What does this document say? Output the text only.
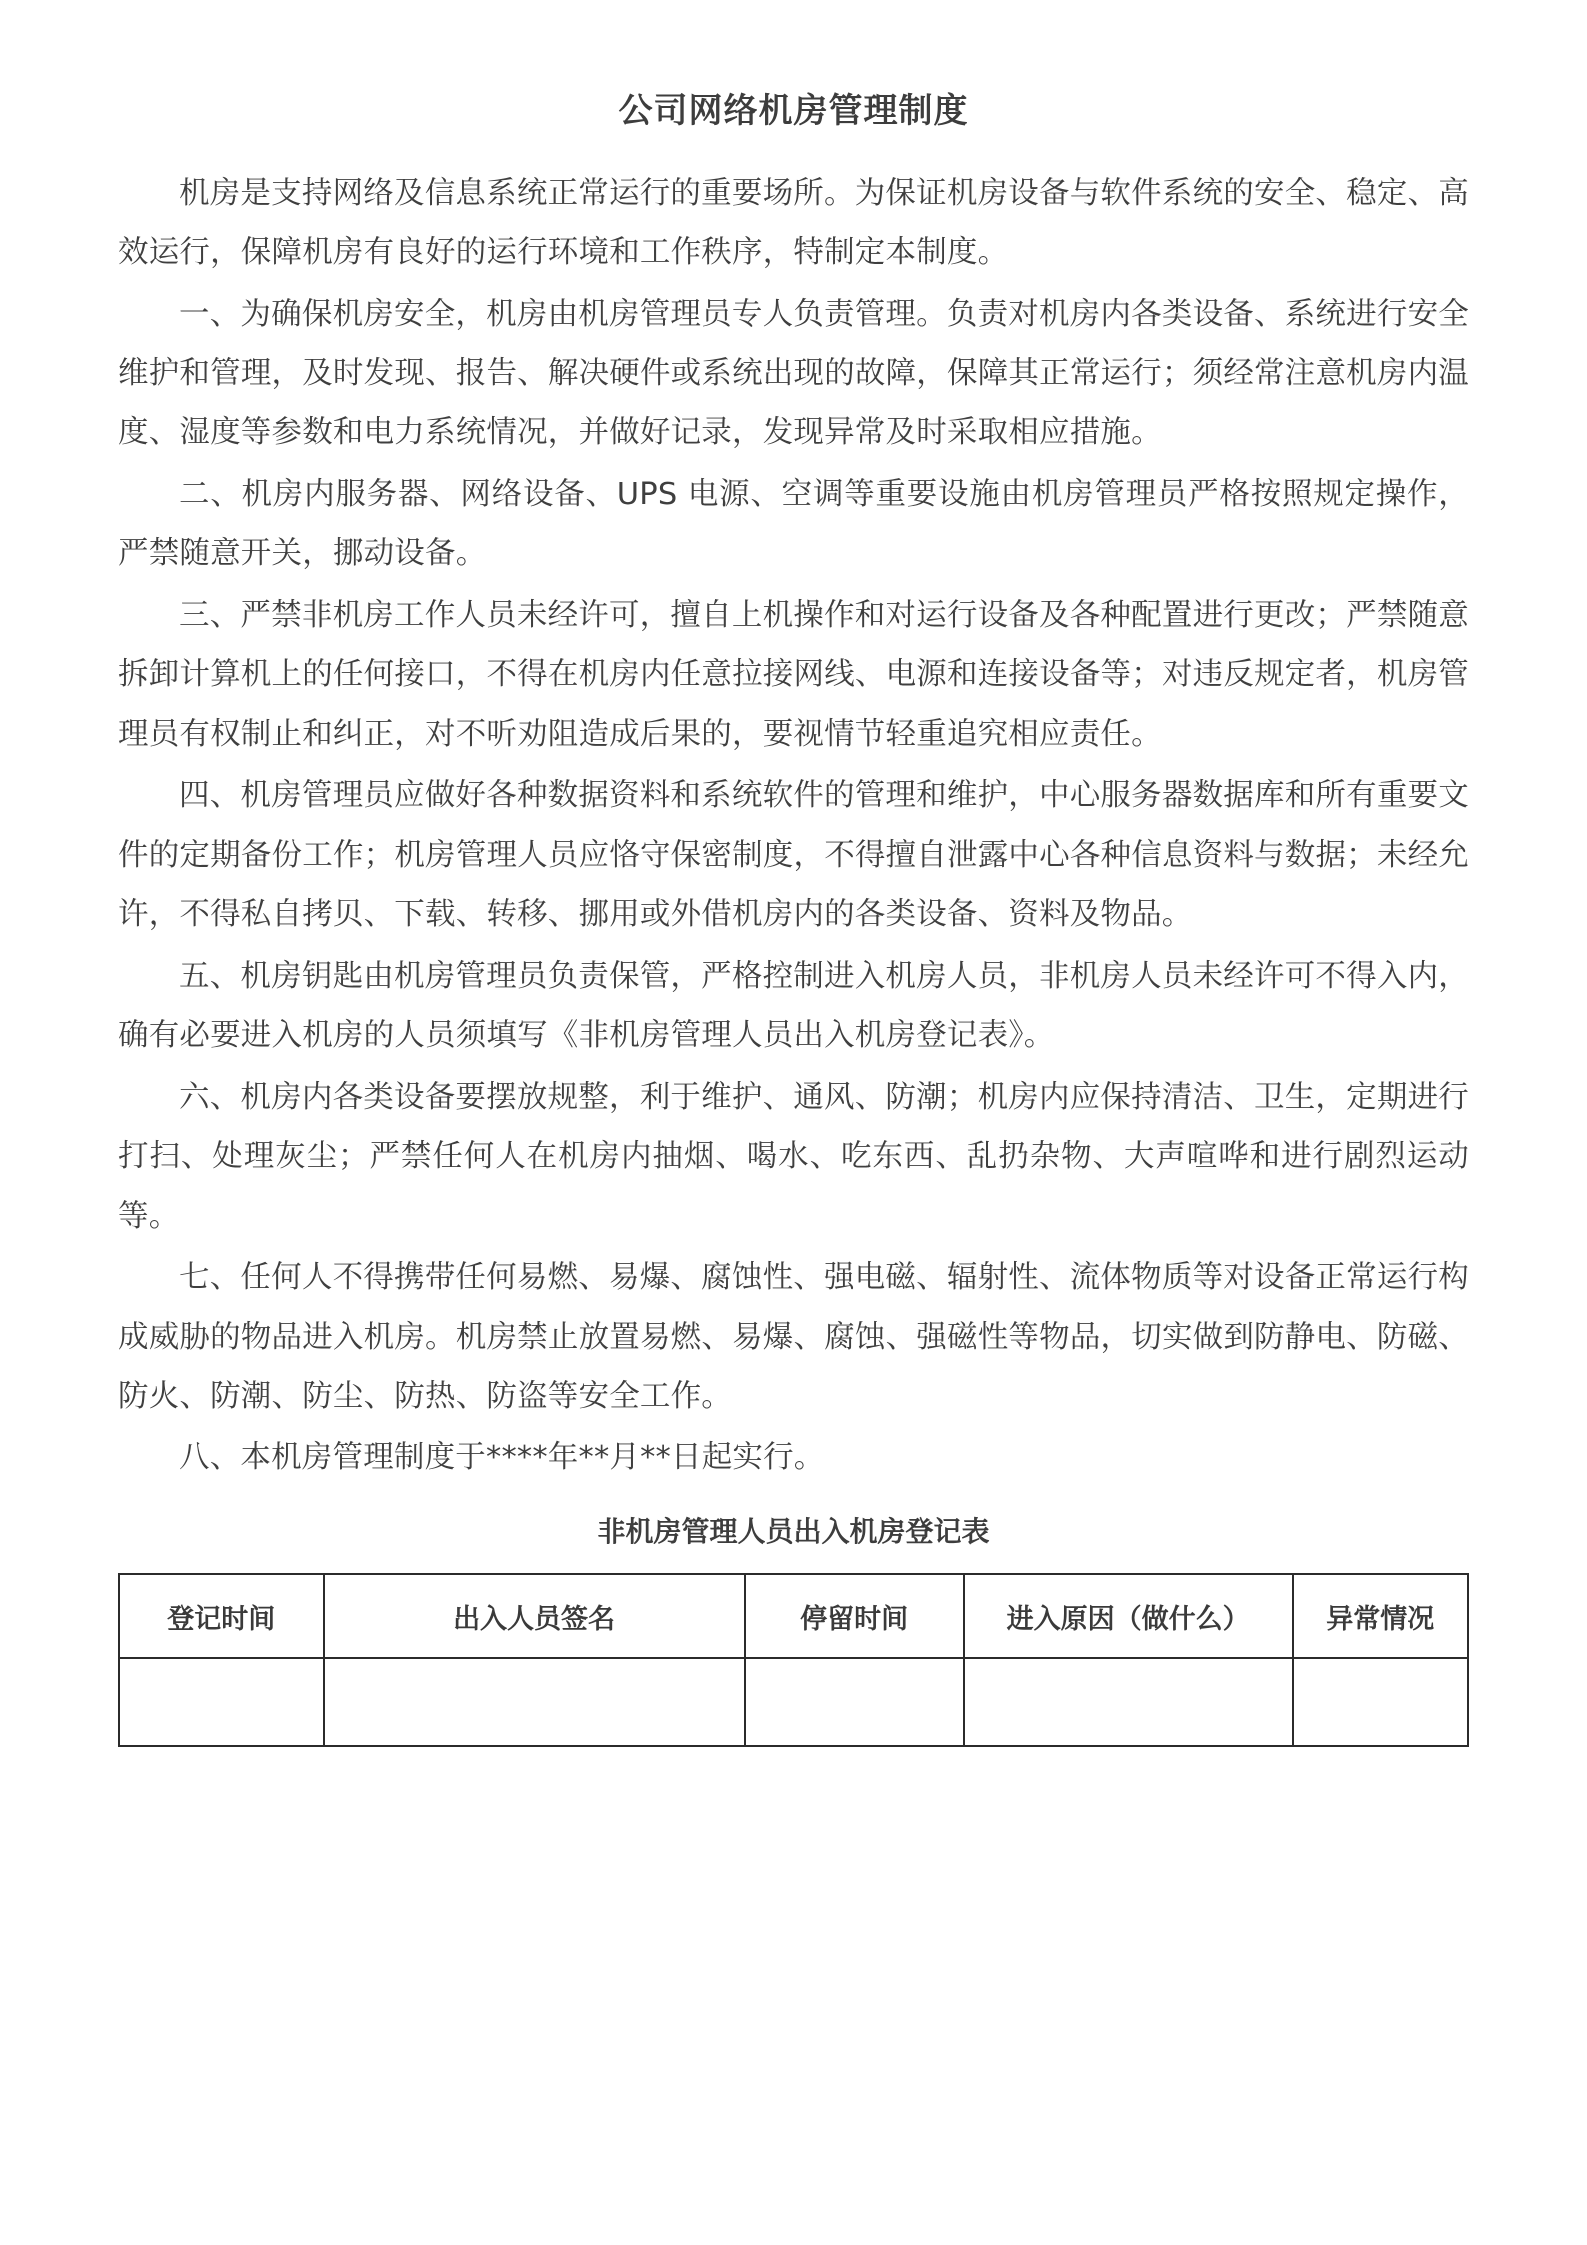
公司网络机房管理制度

机房是支持网络及信息系统正常运行的重要场所。为保证机房设备与软件系统的安全、稳定、高效运行，保障机房有良好的运行环境和工作秩序，特制定本制度。

一、为确保机房安全，机房由机房管理员专人负责管理。负责对机房内各类设备、系统进行安全维护和管理，及时发现、报告、解决硬件或系统出现的故障，保障其正常运行；须经常注意机房内温度、湿度等参数和电力系统情况，并做好记录，发现异常及时采取相应措施。

二、机房内服务器、网络设备、UPS 电源、空调等重要设施由机房管理员严格按照规定操作，严禁随意开关，挪动设备。

三、严禁非机房工作人员未经许可，擅自上机操作和对运行设备及各种配置进行更改；严禁随意拆卸计算机上的任何接口，不得在机房内任意拉接网线、电源和连接设备等；对违反规定者，机房管理员有权制止和纠正，对不听劝阻造成后果的，要视情节轻重追究相应责任。

四、机房管理员应做好各种数据资料和系统软件的管理和维护，中心服务器数据库和所有重要文件的定期备份工作；机房管理人员应恪守保密制度，不得擅自泄露中心各种信息资料与数据；未经允许，不得私自拷贝、下载、转移、挪用或外借机房内的各类设备、资料及物品。

五、机房钥匙由机房管理员负责保管，严格控制进入机房人员，非机房人员未经许可不得入内，确有必要进入机房的人员须填写《非机房管理人员出入机房登记表》。

六、机房内各类设备要摆放规整，利于维护、通风、防潮；机房内应保持清洁、卫生，定期进行打扫、处理灰尘；严禁任何人在机房内抽烟、喝水、吃东西、乱扔杂物、大声喧哗和进行剧烈运动等。

七、任何人不得携带任何易燃、易爆、腐蚀性、强电磁、辐射性、流体物质等对设备正常运行构成威胁的物品进入机房。机房禁止放置易燃、易爆、腐蚀、强磁性等物品，切实做到防静电、防磁、防火、防潮、防尘、防热、防盗等安全工作。

八、本机房管理制度于****年**月**日起实行。

非机房管理人员出入机房登记表
登记时间	出入人员签名	停留时间	进入原因（做什么）	异常情况
